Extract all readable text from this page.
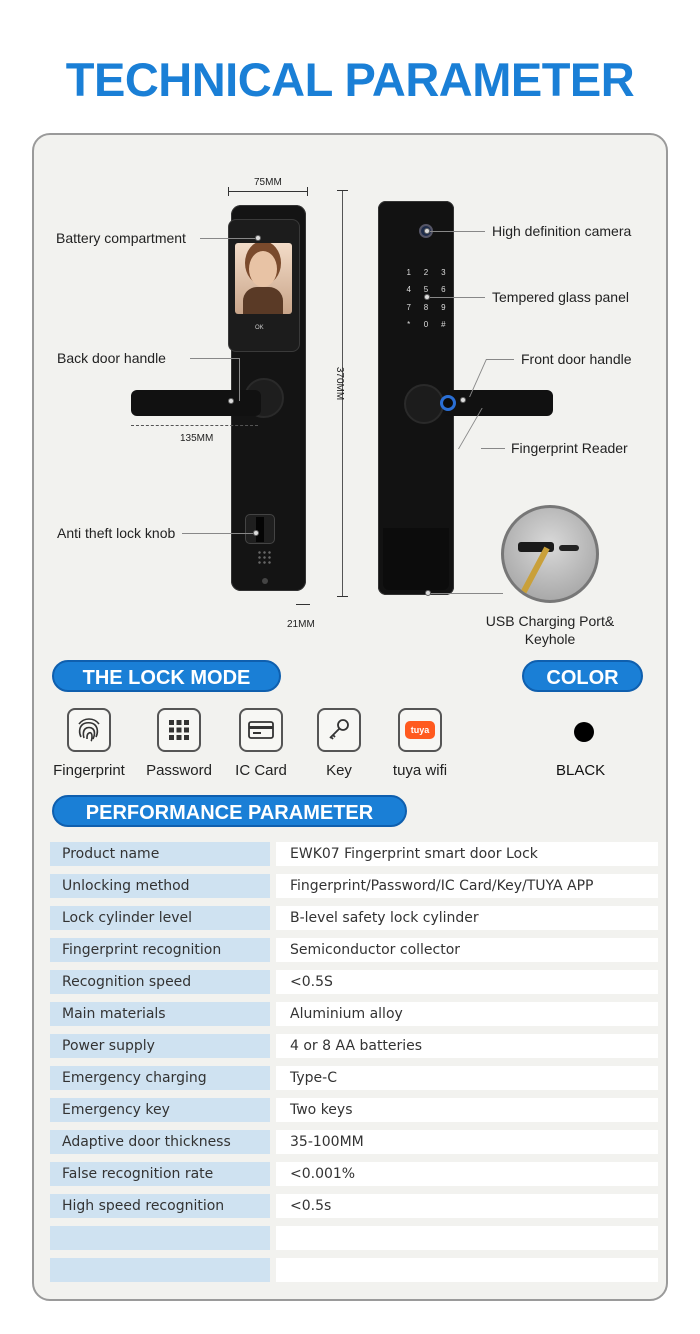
TECHNICAL PARAMETER
75MM
370MM
OK
135MM
21MM
1	2	3
4	5	6
7	8	9
*	0	#
Battery compartment
Back door handle
Anti theft lock knob
High definition camera
Tempered glass panel
Front door handle
Fingerprint Reader
USB Charging Port&
Keyhole
THE LOCK MODE	COLOR
Fingerprint	Password	IC Card	Key
tuya
tuya wifi	BLACK
PERFORMANCE PARAMETER
Product name	EWK07 Fingerprint smart door Lock
Unlocking method	Fingerprint/Password/IC Card/Key/TUYA APP
Lock cylinder level	B-level safety lock cylinder
Fingerprint recognition	Semiconductor collector
Recognition speed	<0.5S
Main materials	Aluminium alloy
Power supply	4 or 8 AA batteries
Emergency charging	Type-C
Emergency key	Two keys
Adaptive door thickness	35-100MM
False recognition rate	<0.001%
High speed recognition	<0.5s
